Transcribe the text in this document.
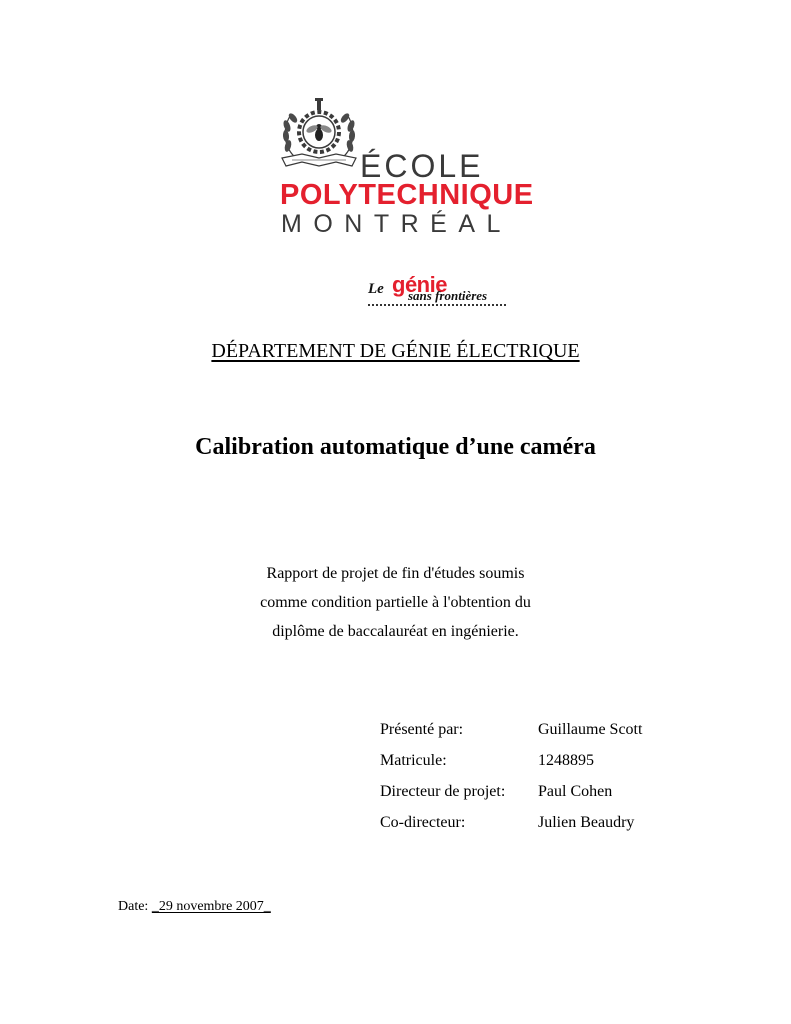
ÉCOLE
POLYTECHNIQUE
MONTRÉAL
Le génie
sans frontières
DÉPARTEMENT DE GÉNIE ÉLECTRIQUE
Calibration automatique d’une caméra
Rapport de projet de fin d'études soumis
comme condition partielle à l'obtention du
diplôme de baccalauréat en ingénierie.
Présenté par:	Guillaume Scott
Matricule:	1248895
Directeur de projet:	Paul Cohen
Co-directeur:	Julien Beaudry
Date: _29 novembre 2007_
